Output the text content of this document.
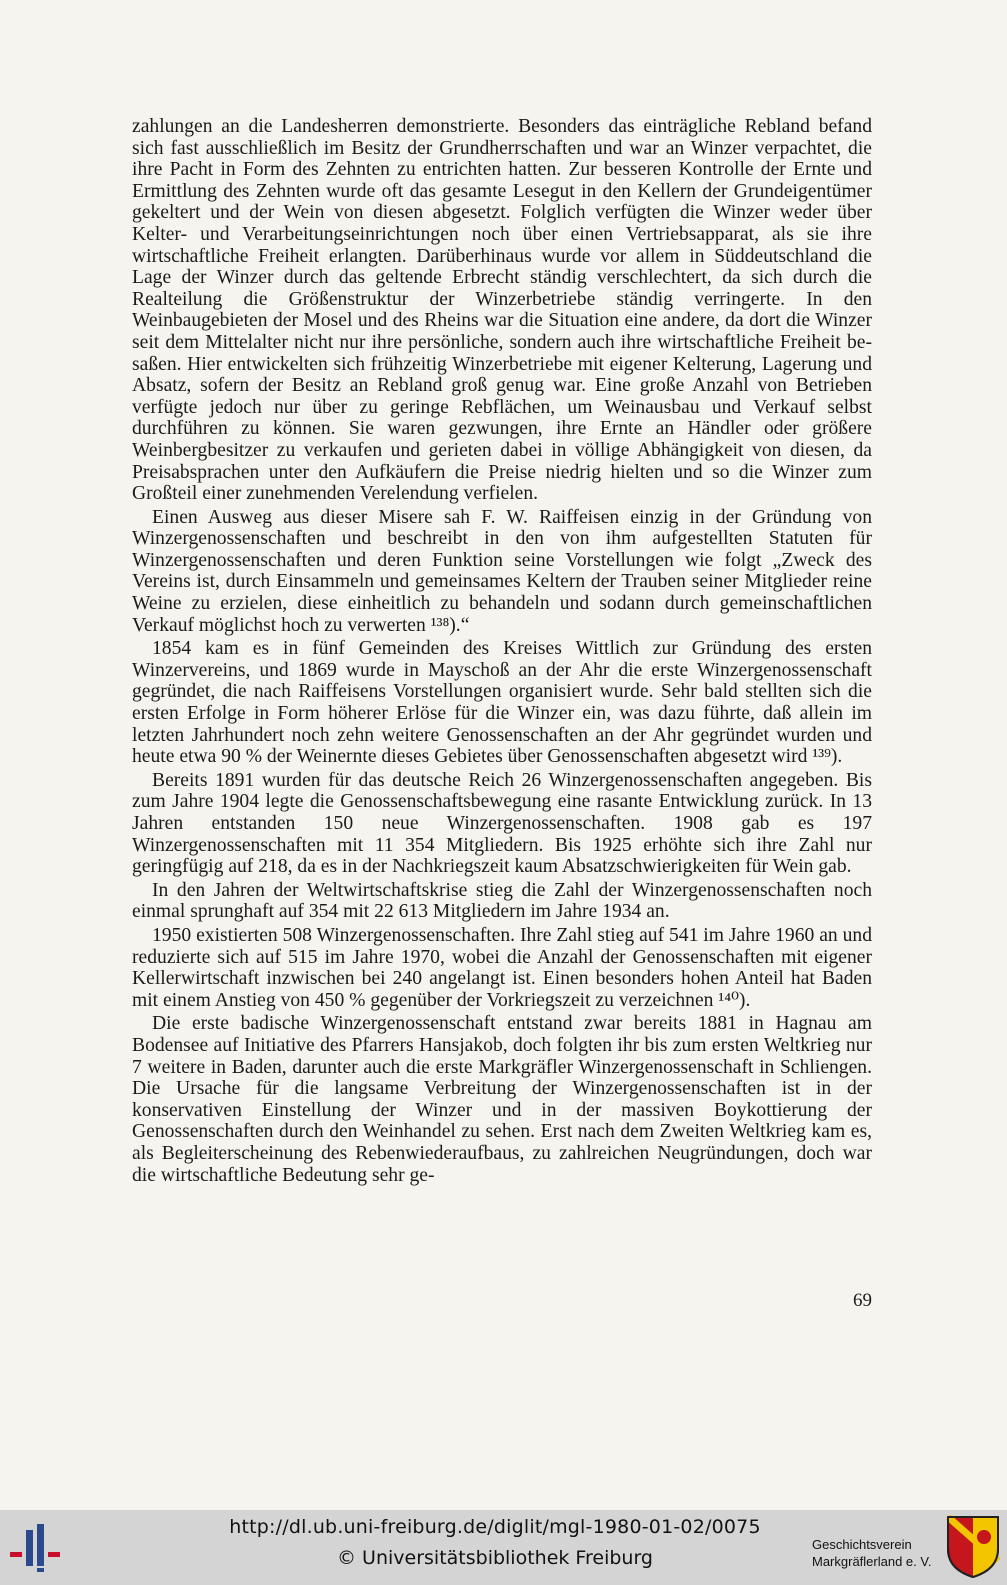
zahlungen an die Landesherren demonstrierte. Besonders das einträgliche Rebland befand sich fast ausschließlich im Besitz der Grundherrschaften und war an Winzer verpachtet, die ihre Pacht in Form des Zehnten zu entrichten hatten. Zur besseren Kontrolle der Ernte und Ermittlung des Zehnten wurde oft das gesamte Lesegut in den Kellern der Grundeigentümer gekeltert und der Wein von diesen abgesetzt. Folglich verfügten die Winzer weder über Kelter- und Verarbeitungseinrichtungen noch über einen Vertriebsapparat, als sie ihre wirtschaftliche Freiheit erlangten. Darüberhinaus wurde vor allem in Süddeutschland die Lage der Winzer durch das geltende Erbrecht ständig verschlechtert, da sich durch die Realteilung die Größenstruktur der Winzerbetriebe ständig verringerte. In den Weinbaugebieten der Mosel und des Rheins war die Situation eine andere, da dort die Winzer seit dem Mittelalter nicht nur ihre persönliche, sondern auch ihre wirtschaftliche Freiheit besaßen. Hier entwickelten sich frühzeitig Winzerbetriebe mit eigener Kelterung, Lagerung und Absatz, sofern der Besitz an Rebland groß genug war. Eine große Anzahl von Betrieben verfügte jedoch nur über zu geringe Rebflächen, um Weinausbau und Verkauf selbst durchführen zu können. Sie waren gezwungen, ihre Ernte an Händler oder größere Weinbergbesitzer zu verkaufen und gerieten dabei in völlige Abhängigkeit von diesen, da Preisabsprachen unter den Aufkäufern die Preise niedrig hielten und so die Winzer zum Großteil einer zunehmenden Verelendung verfielen.

Einen Ausweg aus dieser Misere sah F. W. Raiffeisen einzig in der Gründung von Winzergenossenschaften und beschreibt in den von ihm aufgestellten Statuten für Winzergenossenschaften und deren Funktion seine Vorstellungen wie folgt „Zweck des Vereins ist, durch Einsammeln und gemeinsames Keltern der Trauben seiner Mitglieder reine Weine zu erzielen, diese einheitlich zu behandeln und sodann durch gemeinschaftlichen Verkauf möglichst hoch zu verwerten ¹³⁸).“

1854 kam es in fünf Gemeinden des Kreises Wittlich zur Gründung des ersten Winzervereins, und 1869 wurde in Mayschoß an der Ahr die erste Winzergenossenschaft gegründet, die nach Raiffeisens Vorstellungen organisiert wurde. Sehr bald stellten sich die ersten Erfolge in Form höherer Erlöse für die Winzer ein, was dazu führte, daß allein im letzten Jahrhundert noch zehn weitere Genossenschaften an der Ahr gegründet wurden und heute etwa 90 % der Weinernte dieses Gebietes über Genossenschaften abgesetzt wird ¹³⁹).

Bereits 1891 wurden für das deutsche Reich 26 Winzergenossenschaften angegeben. Bis zum Jahre 1904 legte die Genossenschaftsbewegung eine rasante Entwicklung zurück. In 13 Jahren entstanden 150 neue Winzergenossenschaften. 1908 gab es 197 Winzergenossenschaften mit 11 354 Mitgliedern. Bis 1925 erhöhte sich ihre Zahl nur geringfügig auf 218, da es in der Nachkriegszeit kaum Absatzschwierigkeiten für Wein gab.

In den Jahren der Weltwirtschaftskrise stieg die Zahl der Winzergenossenschaften noch einmal sprunghaft auf 354 mit 22 613 Mitgliedern im Jahre 1934 an.

1950 existierten 508 Winzergenossenschaften. Ihre Zahl stieg auf 541 im Jahre 1960 an und reduzierte sich auf 515 im Jahre 1970, wobei die Anzahl der Genossenschaften mit eigener Kellerwirtschaft inzwischen bei 240 angelangt ist. Einen besonders hohen Anteil hat Baden mit einem Anstieg von 450 % gegenüber der Vorkriegszeit zu verzeichnen ¹⁴⁰).

Die erste badische Winzergenossenschaft entstand zwar bereits 1881 in Hagnau am Bodensee auf Initiative des Pfarrers Hansjakob, doch folgten ihr bis zum ersten Weltkrieg nur 7 weitere in Baden, darunter auch die erste Markgräfler Winzergenossenschaft in Schliengen. Die Ursache für die langsame Verbreitung der Winzergenossenschaften ist in der konservativen Einstellung der Winzer und in der massiven Boykottierung der Genossenschaften durch den Weinhandel zu sehen. Erst nach dem Zweiten Weltkrieg kam es, als Begleiterscheinung des Rebenwiederaufbaus, zu zahlreichen Neugründungen, doch war die wirtschaftliche Bedeutung sehr ge-

69
http://dl.ub.uni-freiburg.de/diglit/mgl-1980-01-02/0075
© Universitätsbibliothek Freiburg
Geschichtsverein
Markgräflerland e. V.
